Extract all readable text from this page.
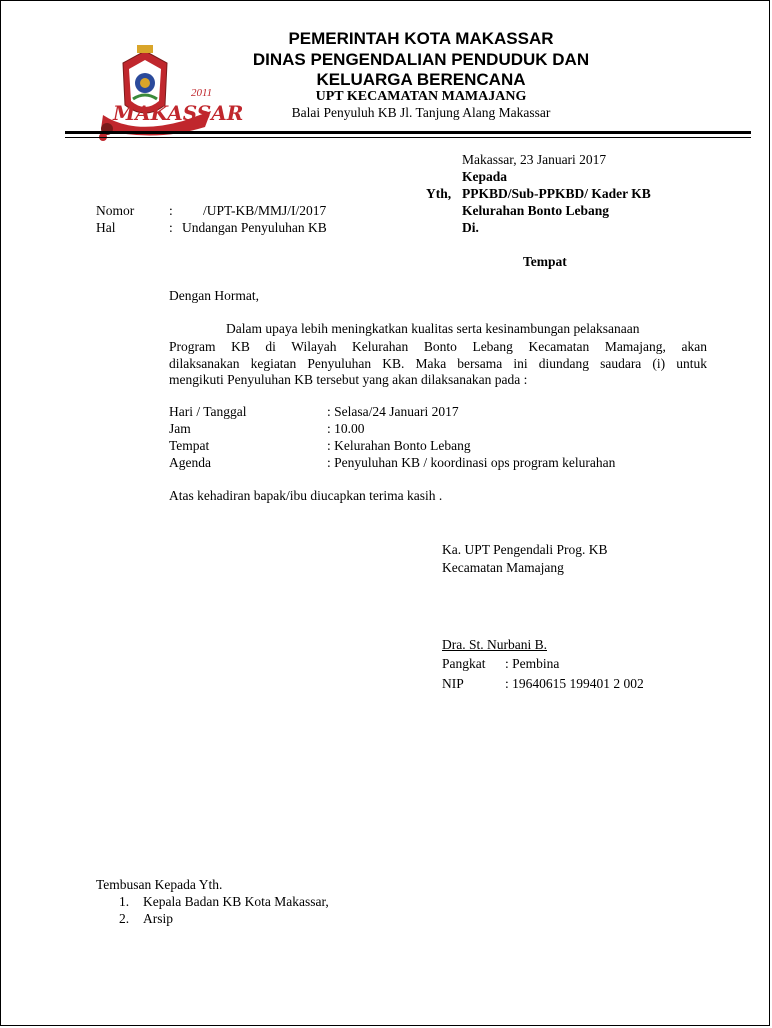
MAKASSAR
2011
PEMERINTAH KOTA MAKASSAR
DINAS PENGENDALIAN PENDUDUK DAN
KELUARGA BERENCANA
UPT KECAMATAN MAMAJANG
Balai Penyuluh KB Jl. Tanjung Alang Makassar
Makassar, 23 Januari 2017
Kepada
Yth, PPKBD/Sub-PPKBD/ Kader KB
Kelurahan Bonto Lebang
Di.
Tempat
Nomor	: /UPT-KB/MMJ/I/2017
Hal	: Undangan Penyuluhan KB
Dengan Hormat,
Dalam upaya lebih meningkatkan kualitas serta kesinambungan pelaksanaan
Program KB di Wilayah Kelurahan Bonto Lebang Kecamatan Mamajang, akan
dilaksanakan kegiatan Penyuluhan KB. Maka bersama ini diundang saudara (i) untuk
mengikuti Penyuluhan KB tersebut yang akan dilaksanakan pada :
Hari / Tanggal	: Selasa/24 Januari 2017
Jam	: 10.00
Tempat	: Kelurahan Bonto Lebang
Agenda	: Penyuluhan KB / koordinasi ops program kelurahan
Atas kehadiran bapak/ibu diucapkan terima kasih .
Ka. UPT Pengendali Prog. KB
Kecamatan Mamajang
Dra. St. Nurbani B.
Pangkat : Pembina
NIP	: 19640615 199401 2 002
Tembusan Kepada Yth.
1. Kepala Badan KB Kota Makassar,
2. Arsip
